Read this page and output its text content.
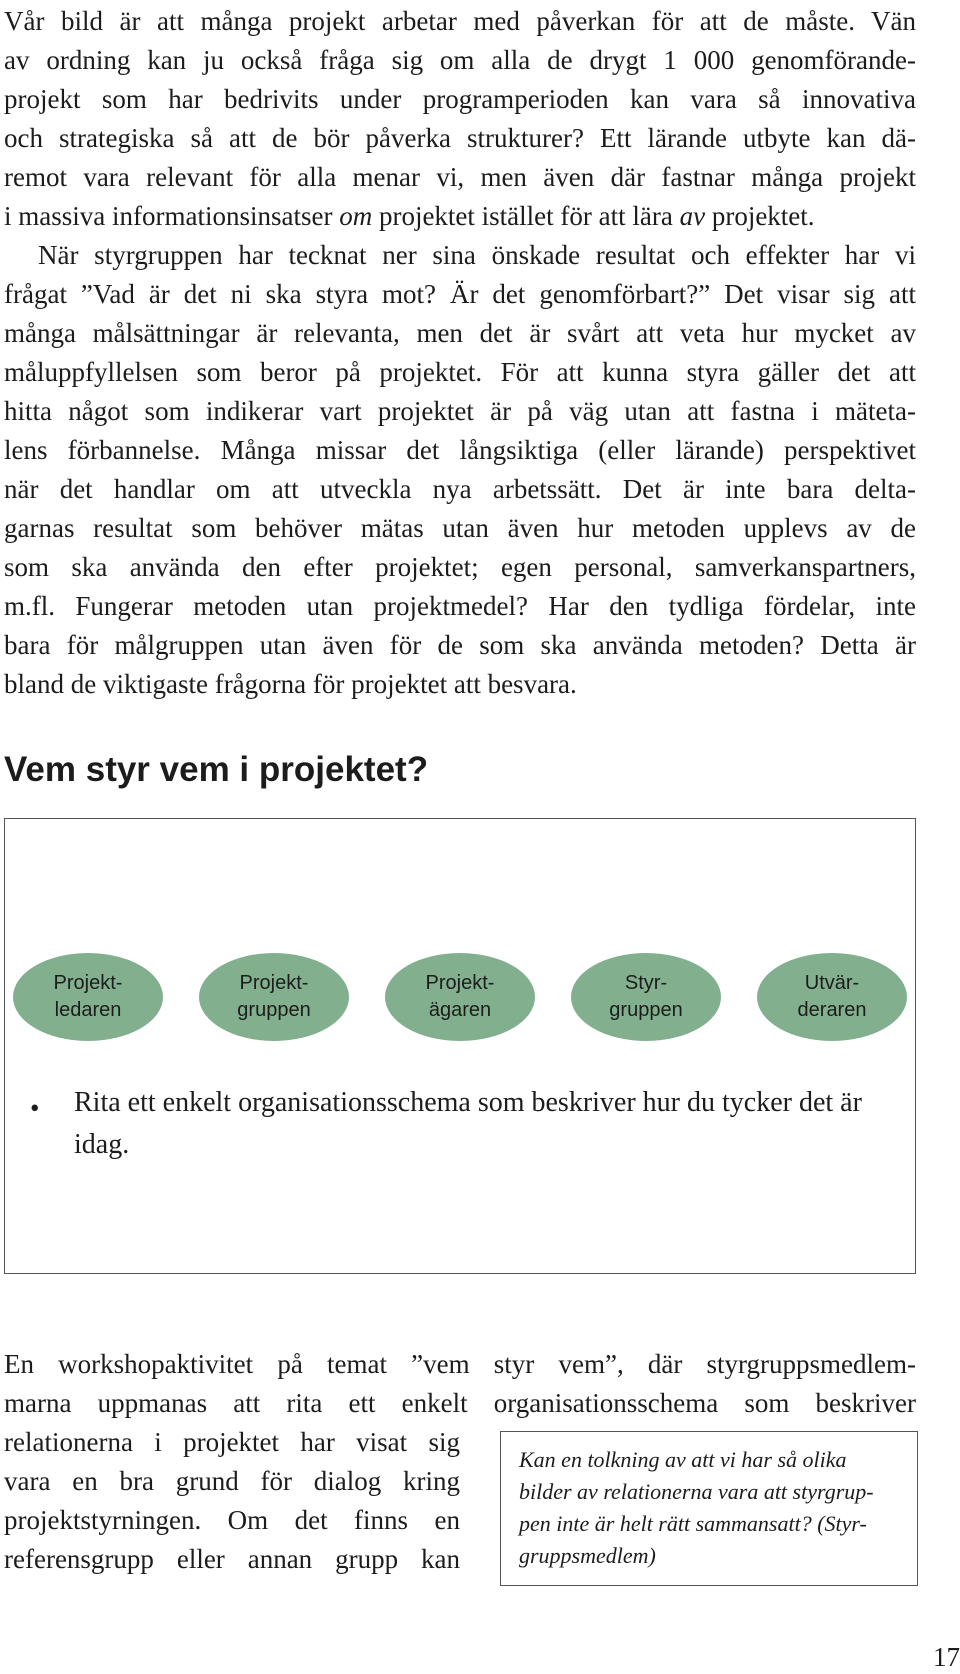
Vår bild är att många projekt arbetar med påverkan för att de måste. Vän
av ordning kan ju också fråga sig om alla de drygt 1 000 genomförande-
projekt som har bedrivits under programperioden kan vara så innovativa
och strategiska så att de bör påverka strukturer? Ett lärande utbyte kan dä-
remot vara relevant för alla menar vi, men även där fastnar många projekt
i massiva informationsinsatser om projektet istället för att lära av projektet.
När styrgruppen har tecknat ner sina önskade resultat och effekter har vi
frågat ”Vad är det ni ska styra mot? Är det genomförbart?” Det visar sig att
många målsättningar är relevanta, men det är svårt att veta hur mycket av
måluppfyllelsen som beror på projektet. För att kunna styra gäller det att
hitta något som indikerar vart projektet är på väg utan att fastna i mäteta-
lens förbannelse. Många missar det långsiktiga (eller lärande) perspektivet
när det handlar om att utveckla nya arbetssätt. Det är inte bara delta-
garnas resultat som behöver mätas utan även hur metoden upplevs av de
som ska använda den efter projektet; egen personal, samverkanspartners,
m.fl. Fungerar metoden utan projektmedel? Har den tydliga fördelar, inte
bara för målgruppen utan även för de som ska använda metoden? Detta är
bland de viktigaste frågorna för projektet att besvara.
Vem styr vem i projektet?
Projekt-
ledaren
Projekt-
gruppen
Projekt-
ägaren
Styr-
gruppen
Utvär-
deraren
• Rita ett enkelt organisationsschema som beskriver hur du tycker det är idag.
En workshopaktivitet på temat ”vem styr vem”, där styrgruppsmedlem-
marna uppmanas att rita ett enkelt organisationsschema som beskriver
relationerna i projektet har visat sig
vara en bra grund för dialog kring
projektstyrningen. Om det finns en
referensgrupp eller annan grupp kan
Kan en tolkning av att vi har så olika
bilder av relationerna vara att styrgrup-
pen inte är helt rätt sammansatt? (Styr-
gruppsmedlem)
17
